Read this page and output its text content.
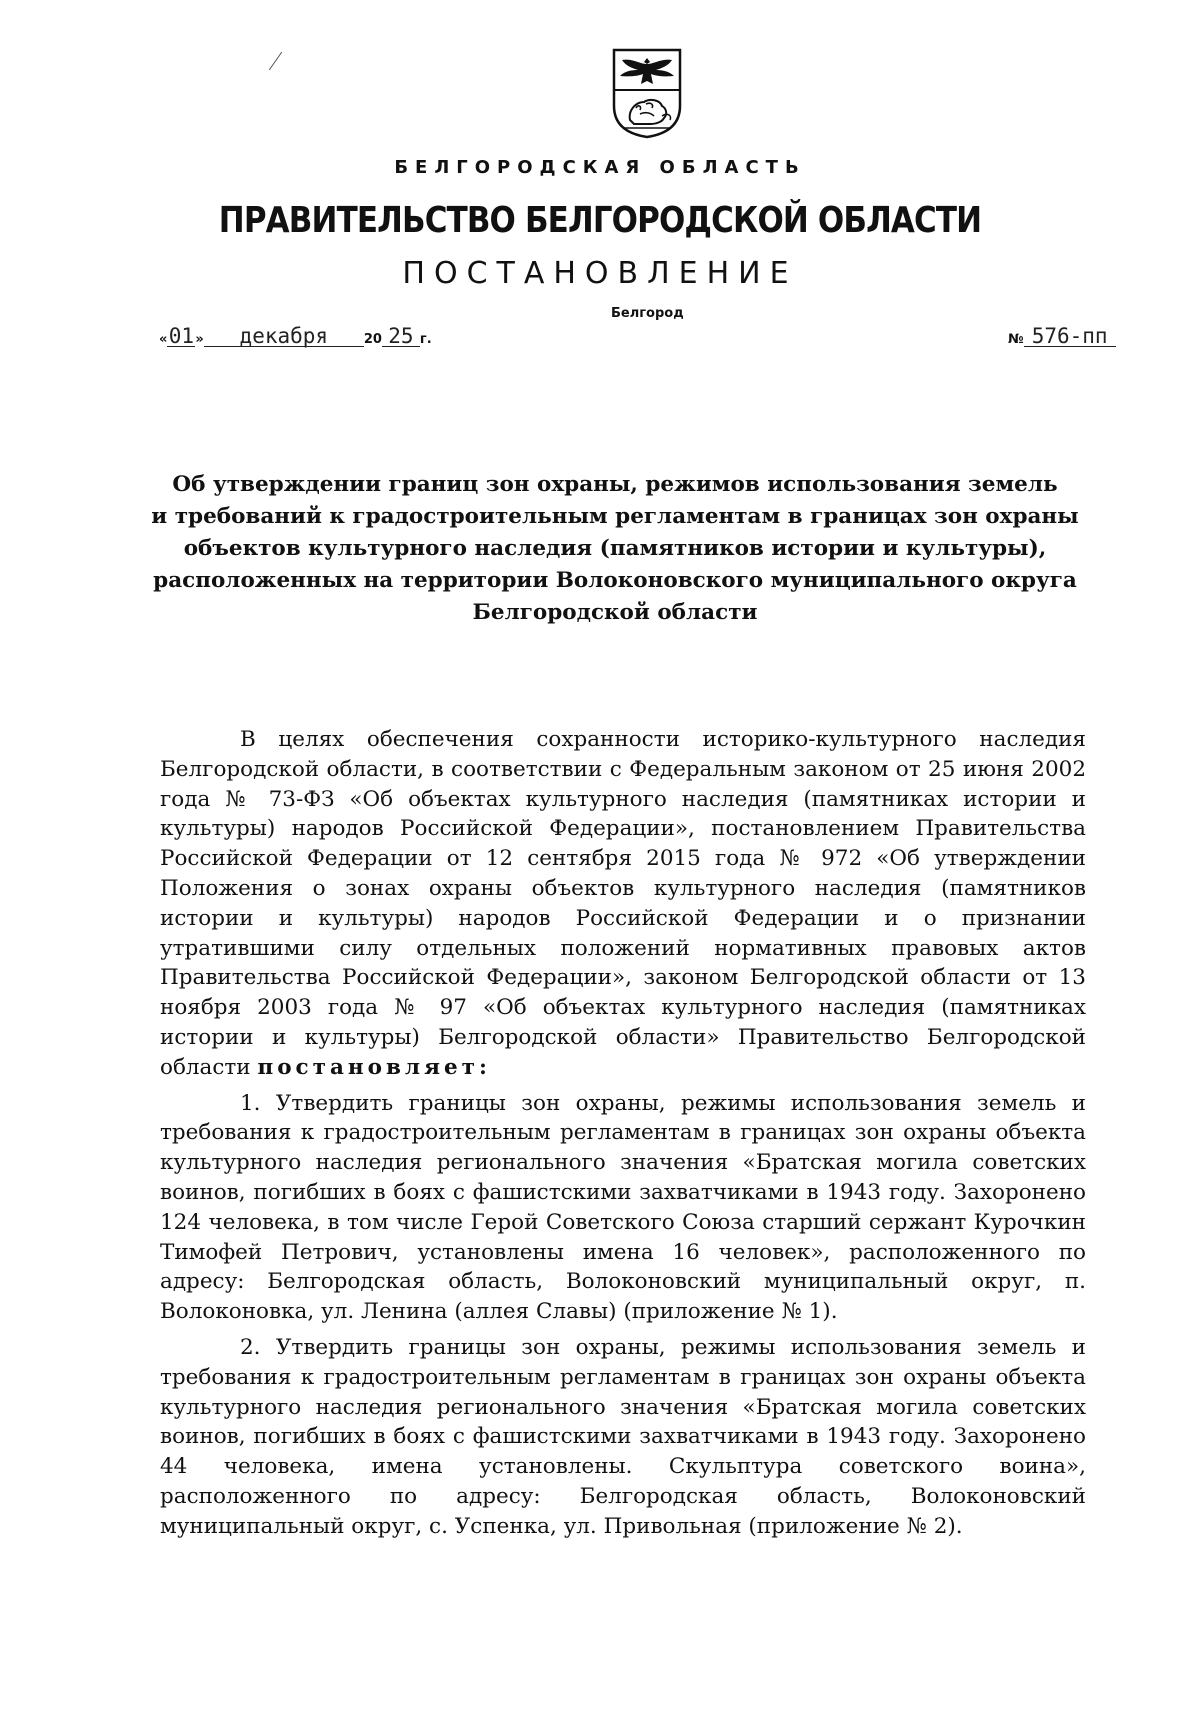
БЕЛГОРОДСКАЯ ОБЛАСТЬ
ПРАВИТЕЛЬСТВО БЕЛГОРОДСКОЙ ОБЛАСТИ
ПОСТАНОВЛЕНИЕ
Белгород
«01» декабря	20 25 г.	№ 576-пп
Об утверждении границ зон охраны, режимов использования земель
и требований к градостроительным регламентам в границах зон охраны
объектов культурного наследия (памятников истории и культуры),
расположенных на территории Волоконовского муниципального округа
Белгородской области

В целях обеспечения сохранности историко-культурного наследия Белгородской области, в соответствии с Федеральным законом от 25 июня 2002 года № 73-ФЗ «Об объектах культурного наследия (памятниках истории и культуры) народов Российской Федерации», постановлением Правительства Российской Федерации от 12 сентября 2015 года № 972 «Об утверждении Положения о зонах охраны объектов культурного наследия (памятников истории и культуры) народов Российской Федерации и о признании утратившими силу отдельных положений нормативных правовых актов Правительства Российской Федерации», законом Белгородской области от 13 ноября 2003 года № 97 «Об объектах культурного наследия (памятниках истории и культуры) Белгородской области» Правительство Белгородской области постановляет:

1. Утвердить границы зон охраны, режимы использования земель и требования к градостроительным регламентам в границах зон охраны объекта культурного наследия регионального значения «Братская могила советских воинов, погибших в боях с фашистскими захватчиками в 1943 году. Захоронено 124 человека, в том числе Герой Советского Союза старший сержант Курочкин Тимофей Петрович, установлены имена 16 человек», расположенного по адресу: Белгородская область, Волоконовский муниципальный округ, п. Волоконовка, ул. Ленина (аллея Славы) (приложение № 1).

2. Утвердить границы зон охраны, режимы использования земель и требования к градостроительным регламентам в границах зон охраны объекта культурного наследия регионального значения «Братская могила советских воинов, погибших в боях с фашистскими захватчиками в 1943 году. Захоронено 44 человека, имена установлены. Скульптура советского воина», расположенного по адресу: Белгородская область, Волоконовский муниципальный округ, с. Успенка, ул. Привольная (приложение № 2).
